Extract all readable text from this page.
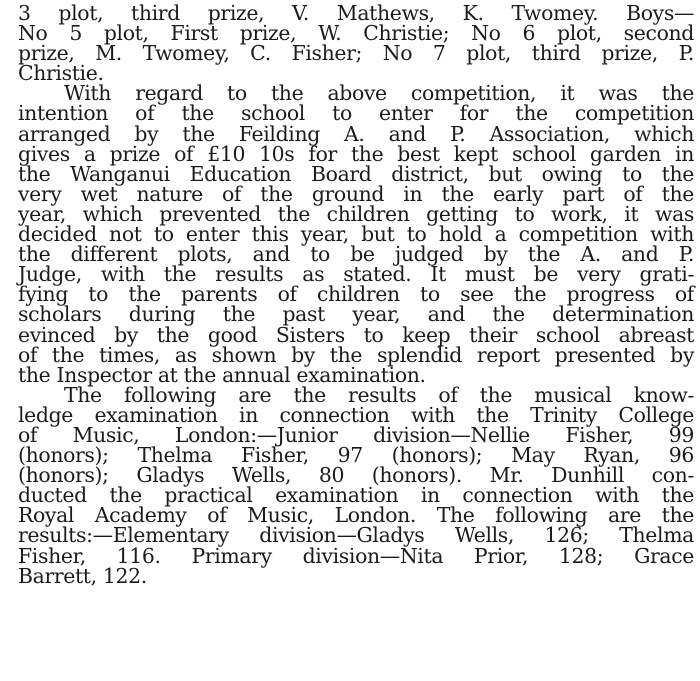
3 plot, third prize, V. Mathews, K. Twomey. Boys—
No 5 plot, First prize, W. Christie; No 6 plot, second
prize, M. Twomey, C. Fisher; No 7 plot, third prize, P.
Christie.
With regard to the above competition, it was the
intention of the school to enter for the competition
arranged by the Feilding A. and P. Association, which
gives a prize of £10 10s for the best kept school garden in
the Wanganui Education Board district, but owing to the
very wet nature of the ground in the early part of the
year, which prevented the children getting to work, it was
decided not to enter this year, but to hold a competition with
the different plots, and to be judged by the A. and P.
Judge, with the results as stated. It must be very grati-
fying to the parents of children to see the progress of
scholars during the past year, and the determination
evinced by the good Sisters to keep their school abreast
of the times, as shown by the splendid report presented by
the Inspector at the annual examination.
The following are the results of the musical know-
ledge examination in connection with the Trinity College
of Music, London:—Junior division—Nellie Fisher, 99
(honors); Thelma Fisher, 97 (honors); May Ryan, 96
(honors); Gladys Wells, 80 (honors). Mr. Dunhill con-
ducted the practical examination in connection with the
Royal Academy of Music, London. The following are the
results:—Elementary division—Gladys Wells, 126; Thelma
Fisher, 116. Primary division—Nita Prior, 128; Grace
Barrett, 122.
